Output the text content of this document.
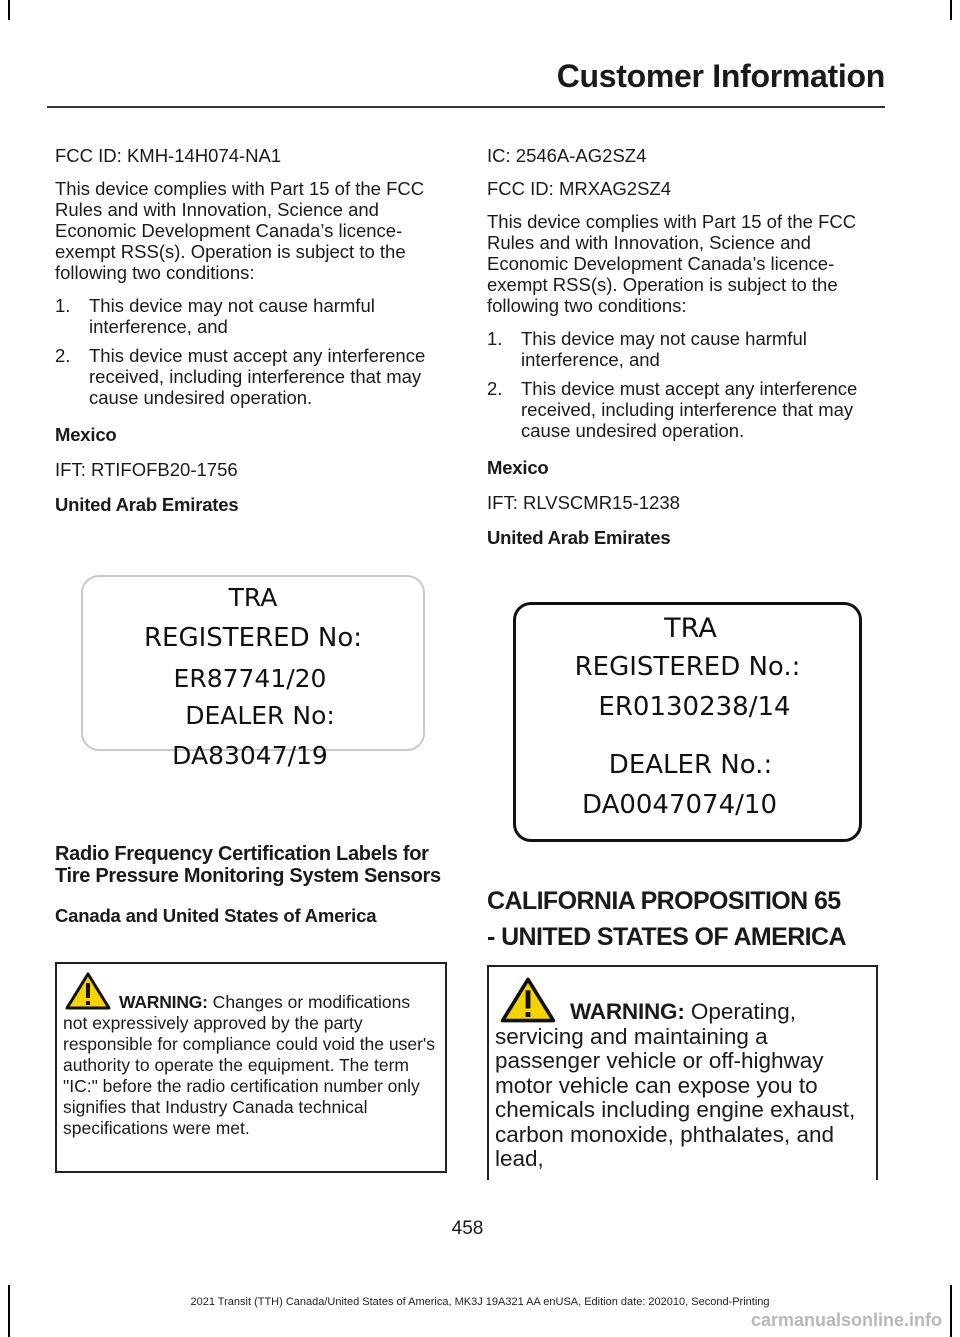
Customer Information

FCC ID: KMH-14H074-NA1

This device complies with Part 15 of the FCC Rules and with Innovation, Science and Economic Development Canada’s licence-exempt RSS(s). Operation is subject to the following two conditions:

1. This device may not cause harmful interference, and
2. This device must accept any interference received, including interference that may cause undesired operation.

Mexico

IFT: RTIFOFB20-1756

United Arab Emirates

TRA
REGISTERED No:
ER87741/20
DEALER No:
DA83047/19
Radio Frequency Certification Labels for Tire Pressure Monitoring System Sensors

Canada and United States of America

WARNING: Changes or modifications not expressively approved by the party responsible for compliance could void the user's authority to operate the equipment. The term "IC:" before the radio certification number only signifies that Industry Canada technical specifications were met.

IC: 2546A-AG2SZ4

FCC ID: MRXAG2SZ4

This device complies with Part 15 of the FCC Rules and with Innovation, Science and Economic Development Canada’s licence-exempt RSS(s). Operation is subject to the following two conditions:

1. This device may not cause harmful interference, and
2. This device must accept any interference received, including interference that may cause undesired operation.

Mexico

IFT: RLVSCMR15-1238

United Arab Emirates

TRA
REGISTERED No.:
ER0130238/14
DEALER No.:
DA0047074/10
CALIFORNIA PROPOSITION 65
- UNITED STATES OF AMERICA
WARNING: Operating, servicing and maintaining a passenger vehicle or off-highway motor vehicle can expose you to chemicals including engine exhaust, carbon monoxide, phthalates, and lead,
458
2021 Transit (TTH) Canada/United States of America, MK3J 19A321 AA enUSA, Edition date: 202010, Second-Printing
carmanualsonline.info
